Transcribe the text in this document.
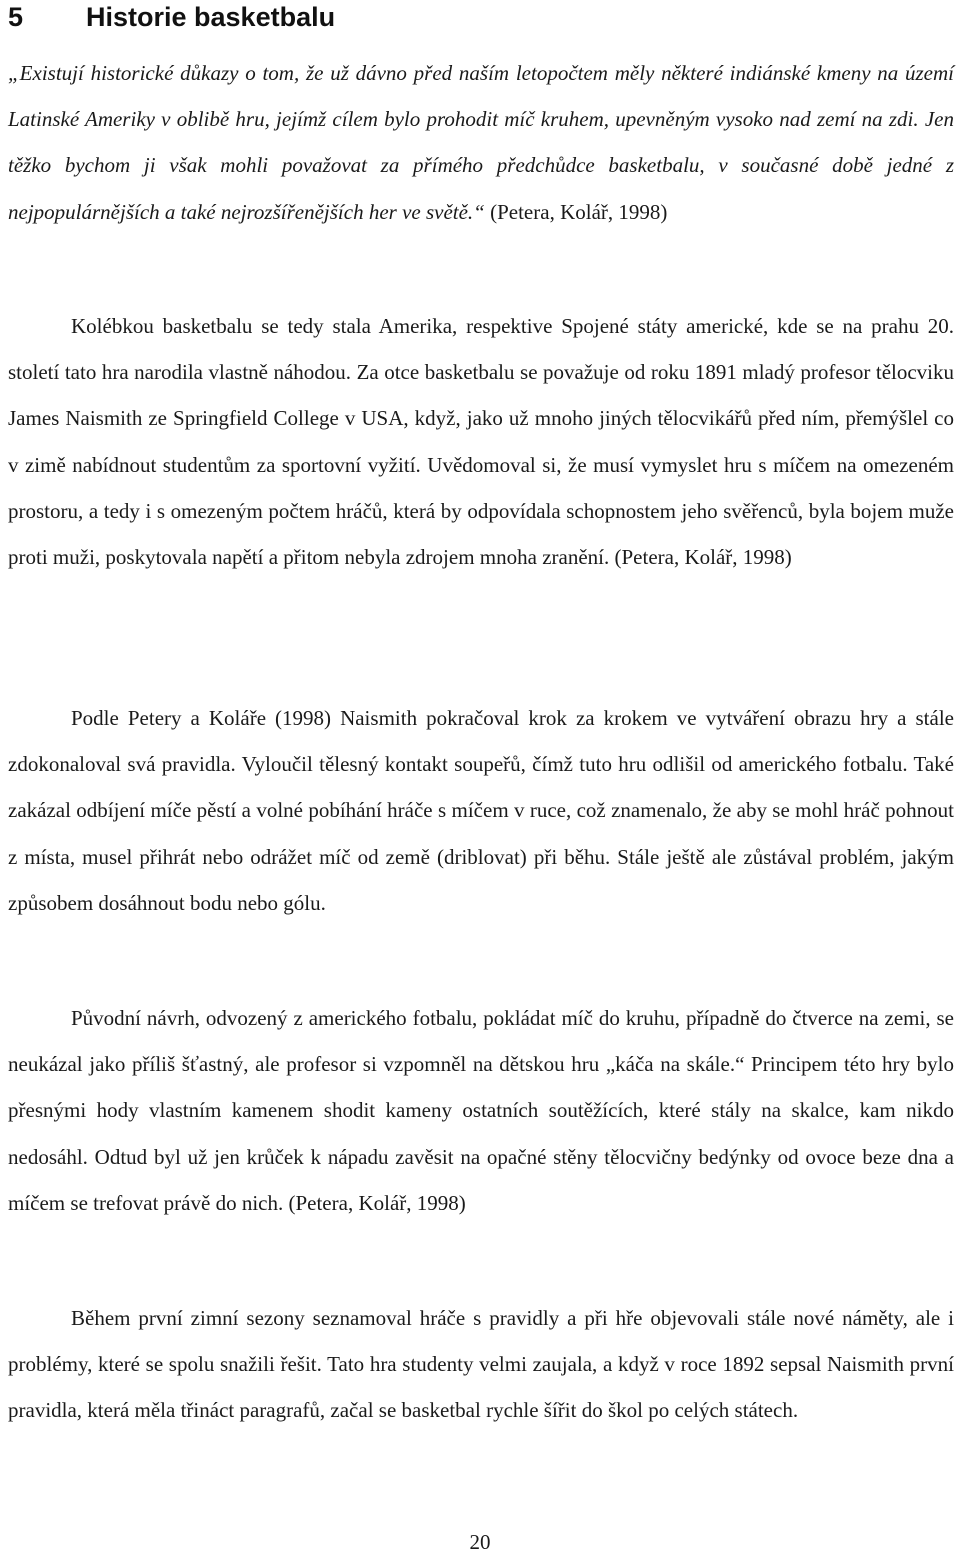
5 Historie basketbalu

„Existují historické důkazy o tom, že už dávno před naším letopočtem měly některé indiánské kmeny na území Latinské Ameriky v oblibě hru, jejímž cílem bylo prohodit míč kruhem, upevněným vysoko nad zemí na zdi. Jen těžko bychom ji však mohli považovat za přímého předchůdce basketbalu, v současné době jedné z nejpopulárnějších a také nejrozšířenějších her ve světě.“ (Petera, Kolář, 1998)

Kolébkou basketbalu se tedy stala Amerika, respektive Spojené státy americké, kde se na prahu 20. století tato hra narodila vlastně náhodou. Za otce basketbalu se považuje od roku 1891 mladý profesor tělocviku James Naismith ze Springfield College v USA, když, jako už mnoho jiných tělocvikářů před ním, přemýšlel co v zimě nabídnout studentům za sportovní vyžití. Uvědomoval si, že musí vymyslet hru s míčem na omezeném prostoru, a tedy i s omezeným počtem hráčů, která by odpovídala schopnostem jeho svěřenců, byla bojem muže proti muži, poskytovala napětí a přitom nebyla zdrojem mnoha zranění. (Petera, Kolář, 1998)

Podle Petery a Koláře (1998) Naismith pokračoval krok za krokem ve vytváření obrazu hry a stále zdokonaloval svá pravidla. Vyloučil tělesný kontakt soupeřů, čímž tuto hru odlišil od amerického fotbalu. Také zakázal odbíjení míče pěstí a volné pobíhání hráče s míčem v ruce, což znamenalo, že aby se mohl hráč pohnout z místa, musel přihrát nebo odrážet míč od země (driblovat) při běhu. Stále ještě ale zůstával problém, jakým způsobem dosáhnout bodu nebo gólu.

Původní návrh, odvozený z amerického fotbalu, pokládat míč do kruhu, případně do čtverce na zemi, se neukázal jako příliš šťastný, ale profesor si vzpomněl na dětskou hru „káča na skále.“ Principem této hry bylo přesnými hody vlastním kamenem shodit kameny ostatních soutěžících, které stály na skalce, kam nikdo nedosáhl. Odtud byl už jen krůček k nápadu zavěsit na opačné stěny tělocvičny bedýnky od ovoce beze dna a míčem se trefovat právě do nich. (Petera, Kolář, 1998)

Během první zimní sezony seznamoval hráče s pravidly a při hře objevovali stále nové náměty, ale i problémy, které se spolu snažili řešit. Tato hra studenty velmi zaujala, a když v roce 1892 sepsal Naismith první pravidla, která měla třináct paragrafů, začal se basketbal rychle šířit do škol po celých státech.

20
